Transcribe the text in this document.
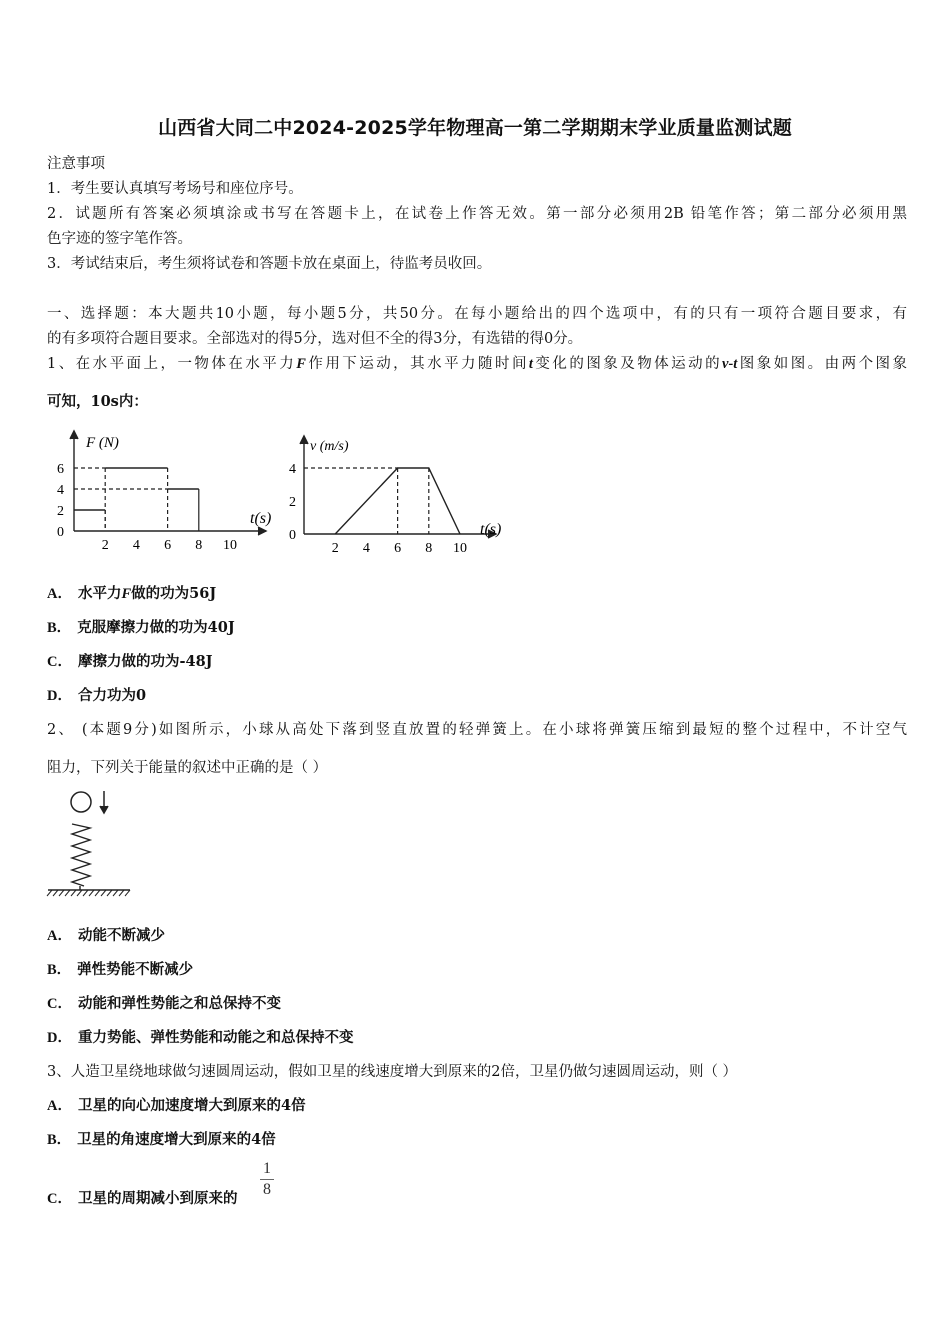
山西省大同二中2024-2025学年物理高一第二学期期末学业质量监测试题
注意事项
1．考生要认真填写考场号和座位序号。
2．试题所有答案必须填涂或书写在答题卡上，在试卷上作答无效。第一部分必须用2B 铅笔作答；第二部分必须用黑
色字迹的签字笔作答。
3．考试结束后，考生须将试卷和答题卡放在桌面上，待监考员收回。
一、选择题：本大题共10小题，每小题5分，共50分。在每小题给出的四个选项中，有的只有一项符合题目要求，有
的有多项符合题目要求。全部选对的得5分，选对但不全的得3分，有选错的得0分。
1、在水平面上，一物体在水平力F作用下运动，其水平力随时间t变化的图象及物体运动的v-t图象如图。由两个图象
可知，10s内：
F (N)
t(s)
2 4 6 8 10
0
2
4
6
v (m/s)
t(s)
2 4 6 8 10
2
4
0
A． 水平力F做的功为56J
B． 克服摩擦力做的功为40J
C． 摩擦力做的功为-48J
D． 合力功为0
2、 (本题9分)如图所示，小球从高处下落到竖直放置的轻弹簧上。在小球将弹簧压缩到最短的整个过程中，不计空气
阻力，下列关于能量的叙述中正确的是（ ）
A． 动能不断减少
B． 弹性势能不断减少
C． 动能和弹性势能之和总保持不变
D． 重力势能、弹性势能和动能之和总保持不变
3、人造卫星绕地球做匀速圆周运动，假如卫星的线速度增大到原来的2倍，卫星仍做匀速圆周运动，则（ ）
A． 卫星的向心加速度增大到原来的4倍
B． 卫星的角速度增大到原来的4倍
C． 卫星的周期减小到原来的
1
8
